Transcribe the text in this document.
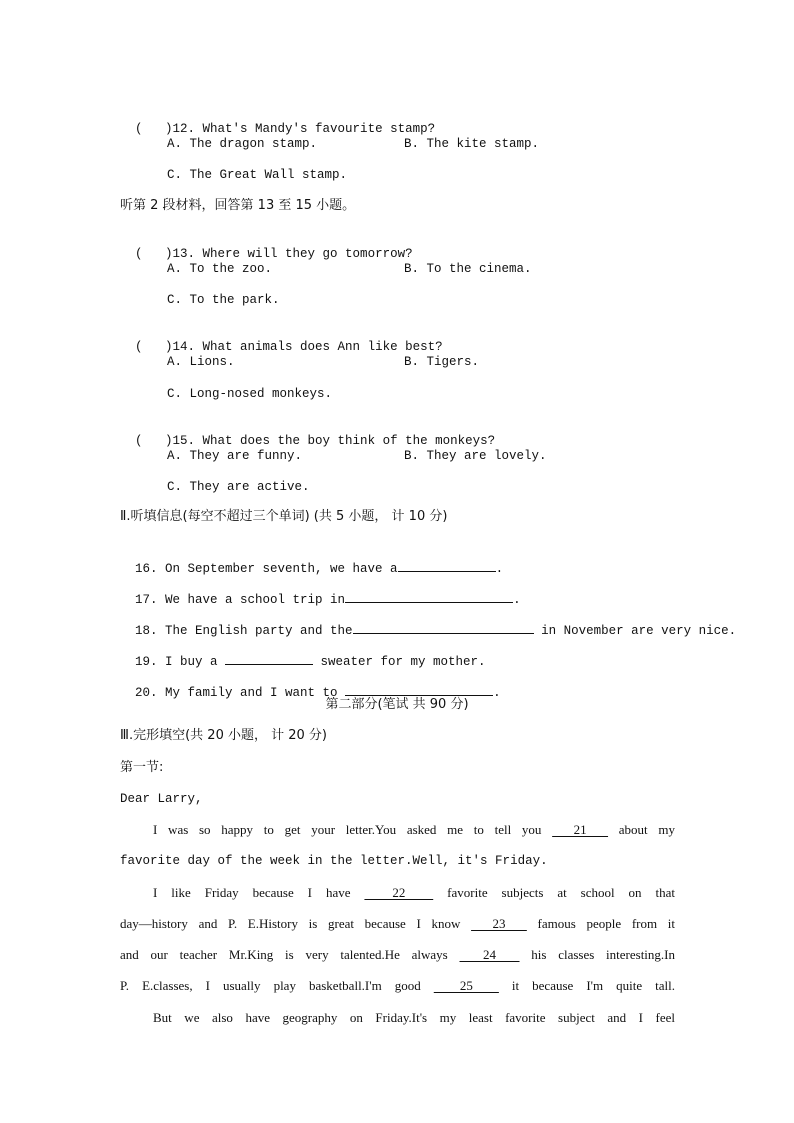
(   )12. What's Mandy's favourite stamp?

A. The dragon stamp.	B. The kite stamp.
C. The Great Wall stamp.
听第 2 段材料，回答第 13 至 15 小题。

(   )13. Where will they go tomorrow?

A. To the zoo.	B. To the cinema.
C. To the park.

(   )14. What animals does Ann like best?

A. Lions.	B. Tigers.
C. Long-nosed monkeys.

(   )15. What does the boy think of the monkeys?

A. They are funny.	B. They are lovely.
C. They are active.
Ⅱ.听填信息(每空不超过三个单词) (共 5 小题， 计 10 分)

16. On September seventh, we have a	.

17. We have a school trip in	.

18. The English party and the	in November are very nice.

19. I buy a	sweater for my mother.

20. My family and I want to	.

第二部分(笔试 共 90 分)
Ⅲ.完形填空(共 20 小题， 计 20 分)
第一节:
Dear Larry,
I was so happy to get your letter.You asked me to tell you   21   about my
favorite day of the week in the letter.Well, it's Friday.
I like Friday because I have   22   favorite subjects at school on that
day—history and P. E.History is great because I know   23   famous people from it
and our teacher Mr.King is very talented.He always   24   his classes interesting.In
P. E.classes, I usually play basketball.I'm good   25   it because I'm quite tall.
But we also have geography on Friday.It's my least favorite subject and I feel
